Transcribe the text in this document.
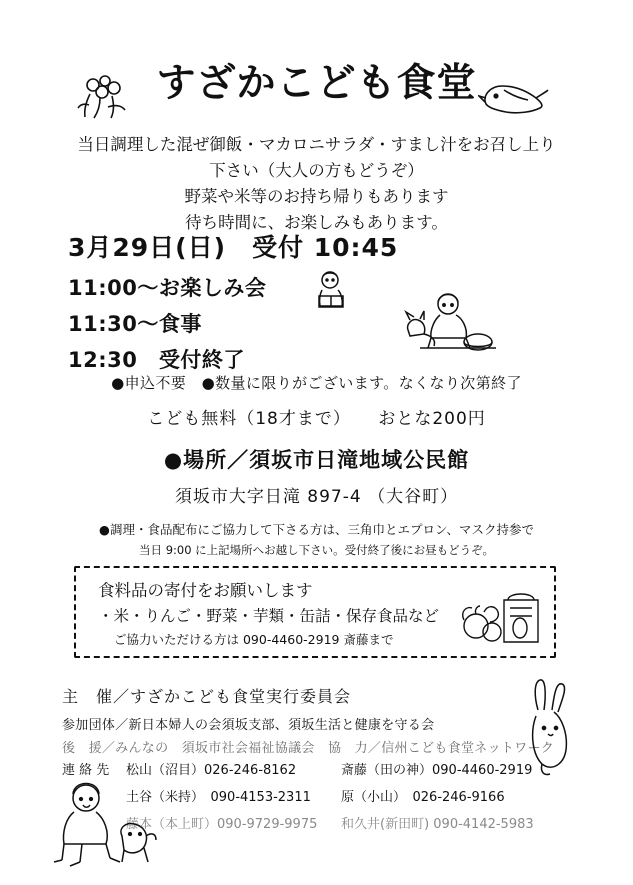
すざかこども食堂
当日調理した混ぜ御飯・マカロニサラダ・すまし汁をお召し上り
下さい（大人の方もどうぞ）
野菜や米等のお持ち帰りもあります
待ち時間に、お楽しみもあります。
3月29日(日)　受付 10:45
11:00〜お楽しみ会
11:30〜食事
12:30　受付終了
●申込不要　●数量に限りがございます。なくなり次第終了
こども無料（18才まで）　　おとな200円
●場所／須坂市日滝地域公民館
須坂市大字日滝 897-4 （大谷町）
●調理・食品配布にご協力して下さる方は、三角巾とエプロン、マスク持参で
当日 9:00 に上記場所へお越し下さい。受付終了後にお昼もどうぞ。
食料品の寄付をお願いします
・米・りんご・野菜・芋類・缶詰・保存食品など
ご協力いただける方は 090-4460-2919 斎藤まで
主　催／すざかこども食堂実行委員会
参加団体／新日本婦人の会須坂支部、須坂生活と健康を守る会
後　援／みんなの　須坂市社会福祉協議会　協　力／信州こども食堂ネットワーク
連 絡 先	松山（沼目）026-246-8162	斎藤（田の神）090-4460-2919
土谷（米持）　090-4153-2311	原（小山）　026-246-9166
藤本（本上町）090-9729-9975	和久井(新田町) 090-4142-5983
